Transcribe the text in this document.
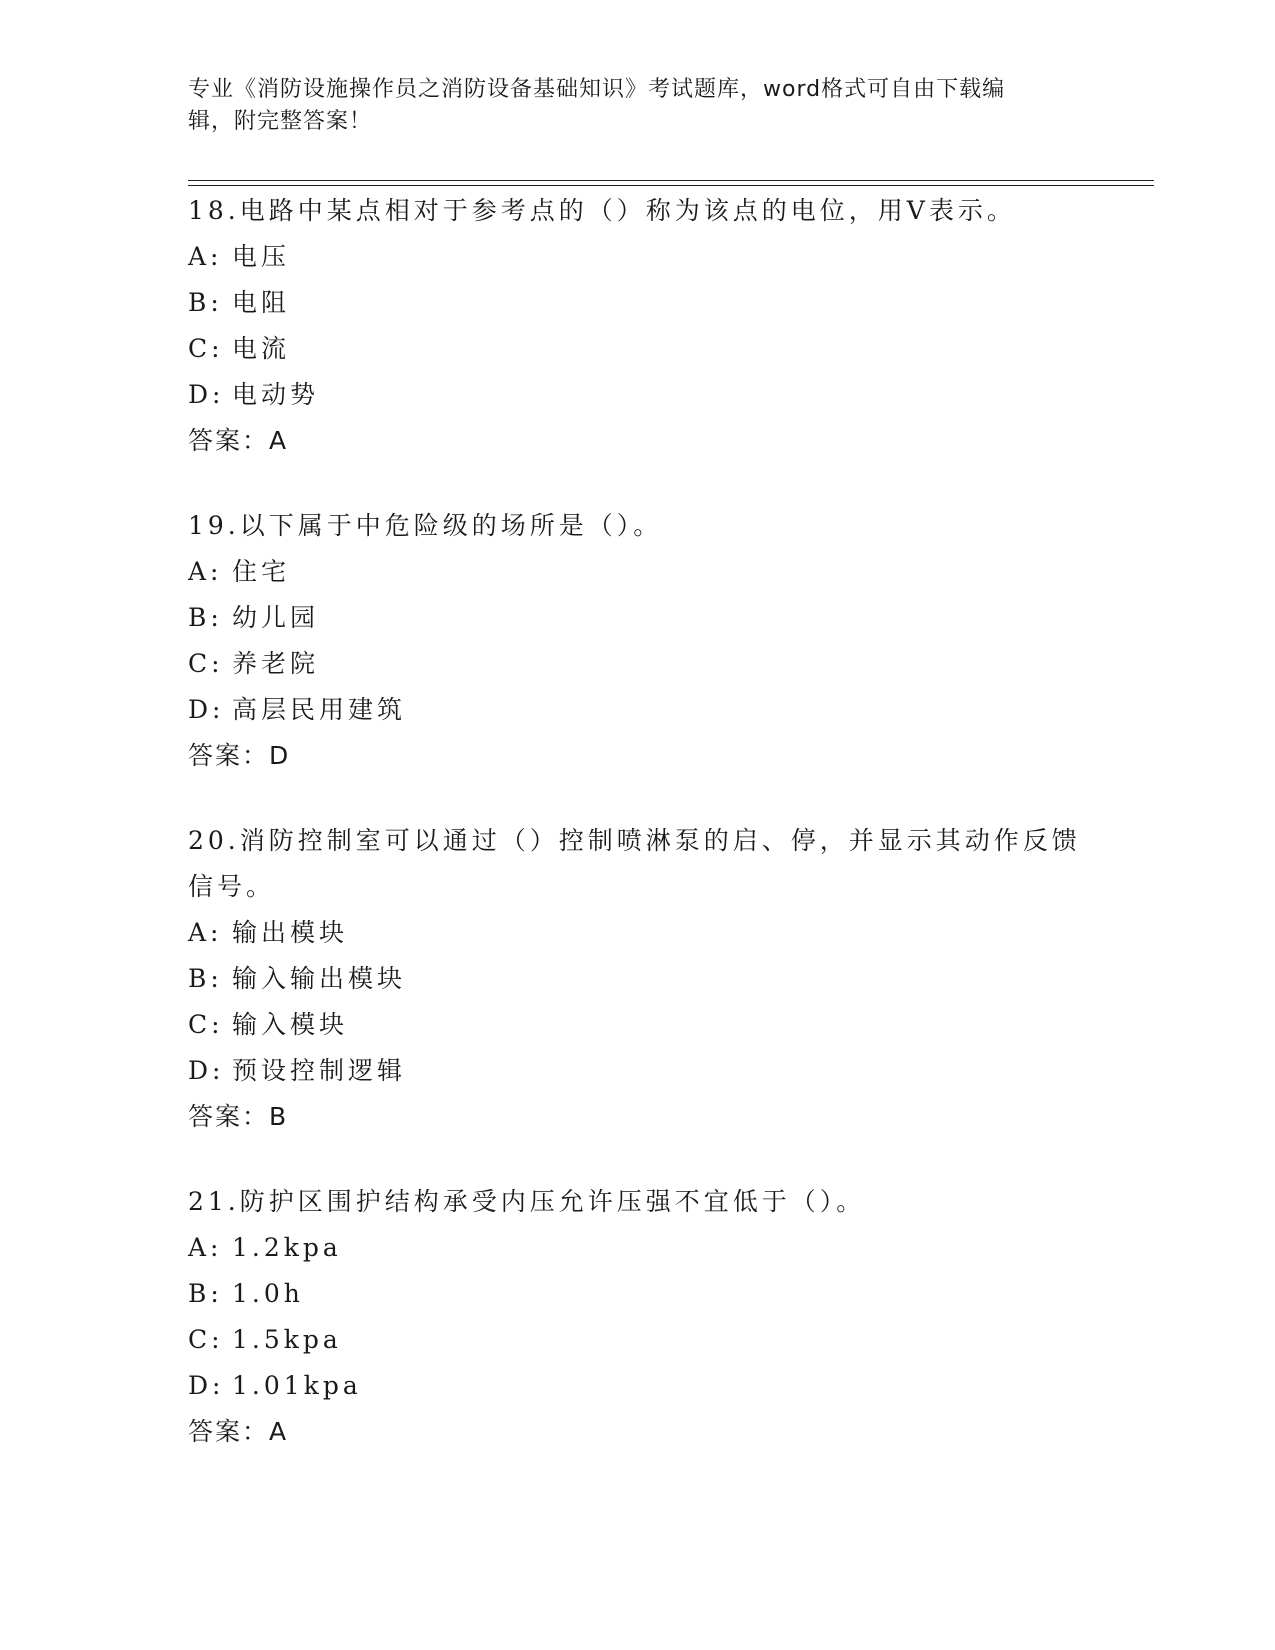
专业《消防设施操作员之消防设备基础知识》考试题库，word格式可自由下载编
辑，附完整答案！
18.电路中某点相对于参考点的（）称为该点的电位，用V表示。
A: 电压
B: 电阻
C: 电流
D: 电动势
答案：A
19.以下属于中危险级的场所是（）。
A: 住宅
B: 幼儿园
C: 养老院
D: 高层民用建筑
答案：D
20.消防控制室可以通过（）控制喷淋泵的启、停，并显示其动作反馈
信号。
A: 输出模块
B: 输入输出模块
C: 输入模块
D: 预设控制逻辑
答案：B
21.防护区围护结构承受内压允许压强不宜低于（）。
A: 1.2kpa
B: 1.0h
C: 1.5kpa
D: 1.01kpa
答案：A
